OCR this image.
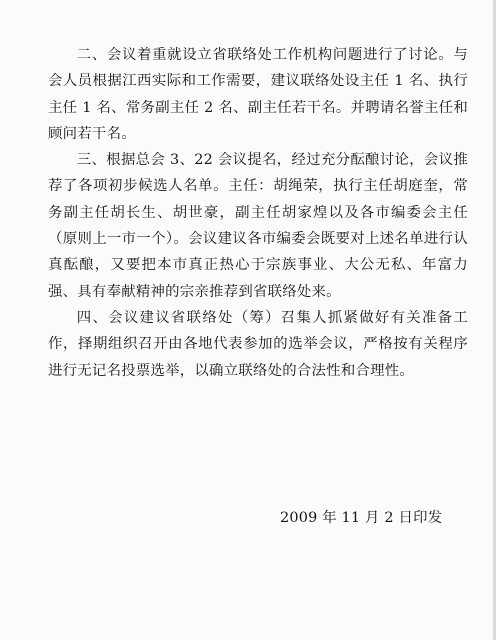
二、会议着重就设立省联络处工作机构问题进行了讨论。与会人员根据江西实际和工作需要，建议联络处设主任 1 名、执行主任 1 名、常务副主任 2 名、副主任若干名。并聘请名誉主任和顾问若干名。

三、根据总会 3、22 会议提名，经过充分酝酿讨论，会议推荐了各项初步候选人名单。主任：胡绳荣，执行主任胡庭奎，常务副主任胡长生、胡世豪，副主任胡家煌以及各市编委会主任（原则上一市一个）。会议建议各市编委会既要对上述名单进行认真酝酿，又要把本市真正热心于宗族事业、大公无私、年富力强、具有奉献精神的宗亲推荐到省联络处来。

四、会议建议省联络处（筹）召集人抓紧做好有关准备工作，择期组织召开由各地代表参加的选举会议，严格按有关程序进行无记名投票选举，以确立联络处的合法性和合理性。

2009 年 11 月 2 日印发
